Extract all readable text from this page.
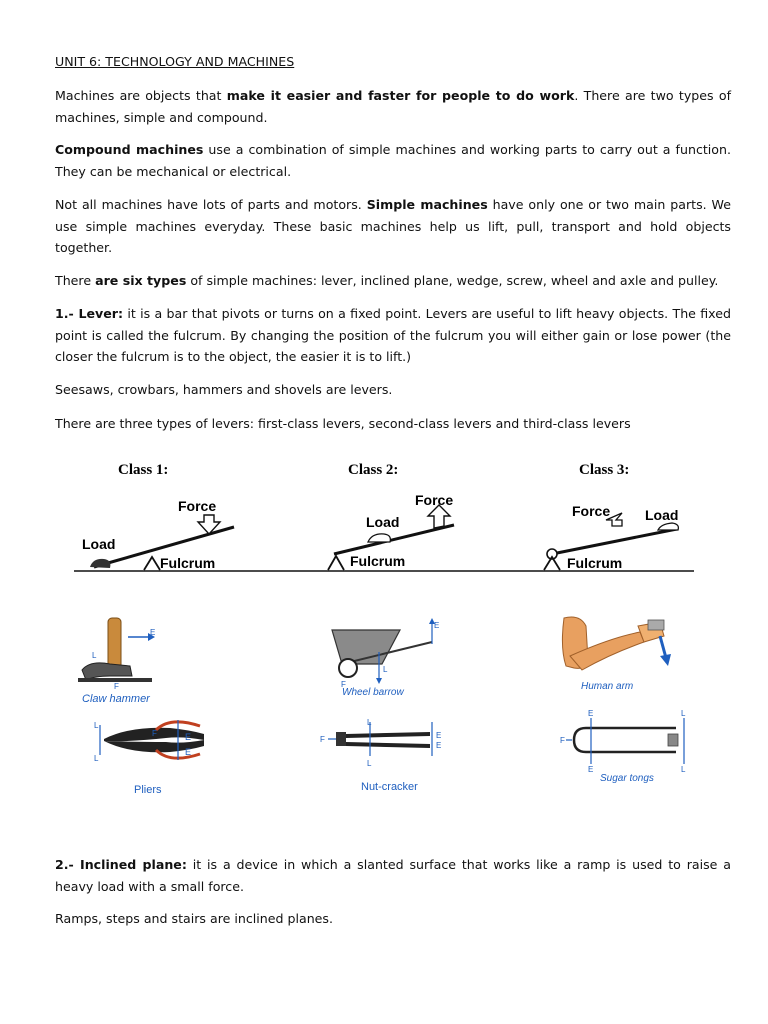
UNIT 6: TECHNOLOGY AND MACHINES
Machines are objects that make it easier and faster for people to do work. There are two types of machines, simple and compound.
Compound machines use a combination of simple machines and working parts to carry out a function. They can be mechanical or electrical.
Not all machines have lots of parts and motors. Simple machines have only one or two main parts. We use simple machines everyday. These basic machines help us lift, pull, transport and hold objects together.
There are six types of simple machines: lever, inclined plane, wedge, screw, wheel and axle and pulley.
1.- Lever: it is a bar that pivots or turns on a fixed point. Levers are useful to lift heavy objects. The fixed point is called the fulcrum. By changing the position of the fulcrum you will either gain or lose power (the closer the fulcrum is to the object, the easier it is to lift.)
Seesaws, crowbars, hammers and shovels are levers.
There are three types of levers: first-class levers, second-class levers and third-class levers
Class 1:
Force
Load
Fulcrum
Class 2:
Force
Load
Fulcrum
Class 3:
Force Load
Fulcrum
E
L
F
Claw hammer
E
L
F
Wheel barrow
E
Human arm
L
L
E
E
F
Pliers
F
L
L
E
E
Nut-cracker
F
E
E
L
L
Sugar tongs
2.- Inclined plane: it is a device in which a slanted surface that works like a ramp is used to raise a heavy load with a small force.
Ramps, steps and stairs are inclined planes.
